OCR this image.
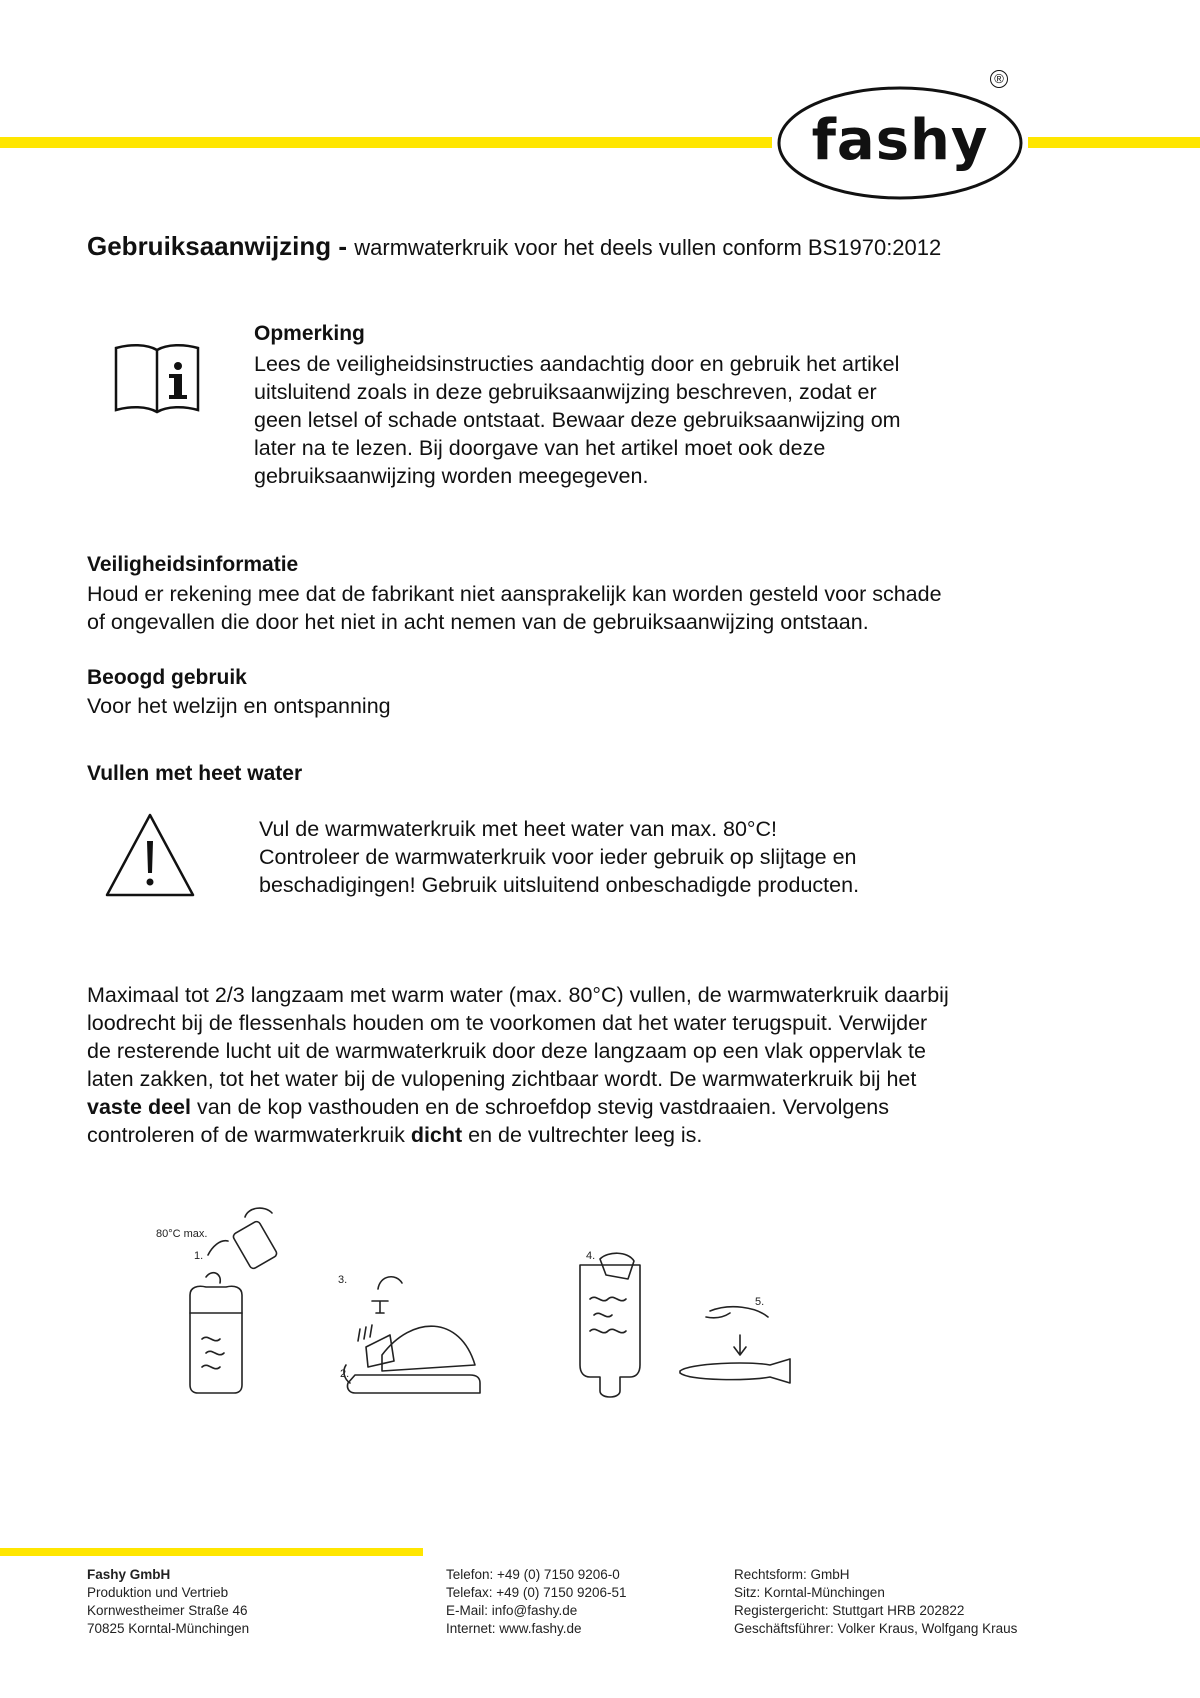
fashy
®
Gebruiksaanwijzing - warmwaterkruik voor het deels vullen conform BS1970:2012
Opmerking
Lees de veiligheidsinstructies aandachtig door en gebruik het artikel
uitsluitend zoals in deze gebruiksaanwijzing beschreven, zodat er
geen letsel of schade ontstaat. Bewaar deze gebruiksaanwijzing om
later na te lezen. Bij doorgave van het artikel moet ook deze
gebruiksaanwijzing worden meegegeven.
Veiligheidsinformatie
Houd er rekening mee dat de fabrikant niet aansprakelijk kan worden gesteld voor schade
of ongevallen die door het niet in acht nemen van de gebruiksaanwijzing ontstaan.
Beoogd gebruik
Voor het welzijn en ontspanning
Vullen met heet water
Vul de warmwaterkruik met heet water van max. 80°C!
Controleer de warmwaterkruik voor ieder gebruik op slijtage en
beschadigingen! Gebruik uitsluitend onbeschadigde producten.
Maximaal tot 2/3 langzaam met warm water (max. 80°C) vullen, de warmwaterkruik daarbij
loodrecht bij de flessenhals houden om te voorkomen dat het water terugspuit. Verwijder
de resterende lucht uit de warmwaterkruik door deze langzaam op een vlak oppervlak te
laten zakken, tot het water bij de vulopening zichtbaar wordt. De warmwaterkruik bij het
vaste deel van de kop vasthouden en de schroefdop stevig vastdraaien. Vervolgens
controleren of de warmwaterkruik dicht en de vultrechter leeg is.
80°C max.
1.
2.
3.
4.
5.
Fashy GmbH
Produktion und Vertrieb
Kornwestheimer Straße 46
70825 Korntal-Münchingen
Telefon: +49 (0) 7150 9206-0
Telefax: +49 (0) 7150 9206-51
E-Mail: info@fashy.de
Internet: www.fashy.de
Rechtsform: GmbH
Sitz: Korntal-Münchingen
Registergericht: Stuttgart HRB 202822
Geschäftsführer: Volker Kraus, Wolfgang Kraus
